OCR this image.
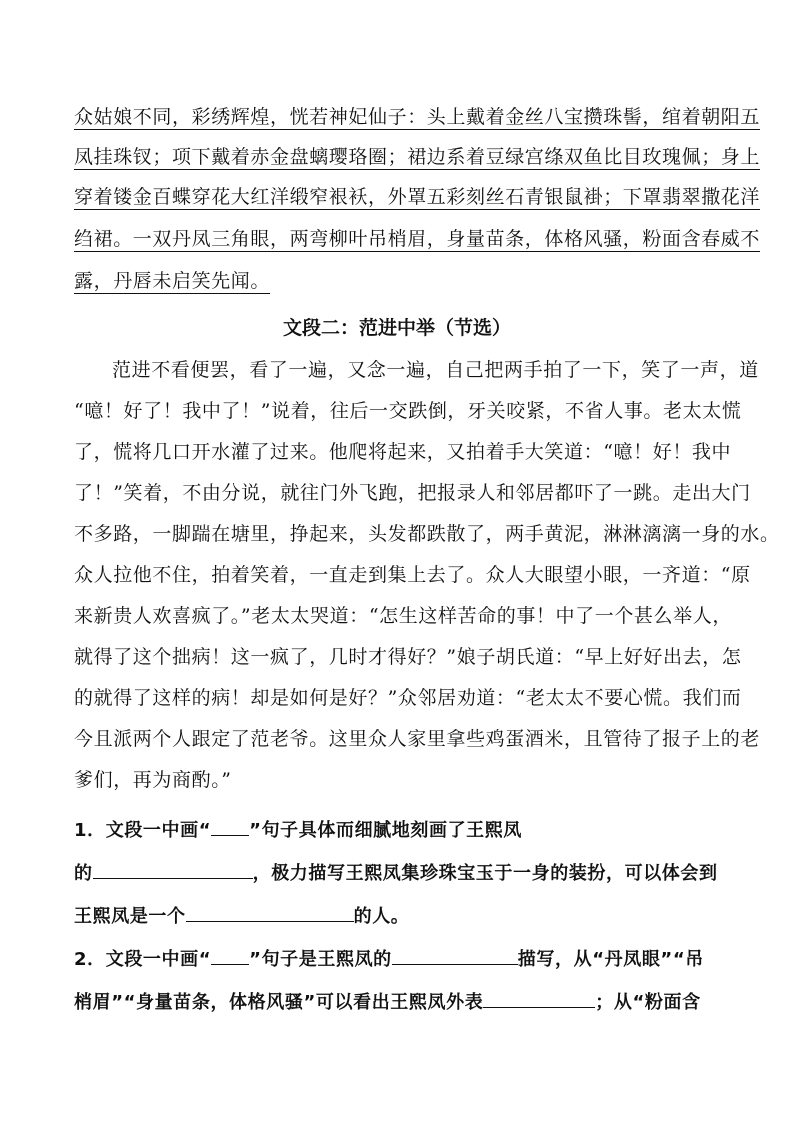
众姑娘不同，彩绣辉煌，恍若神妃仙子：头上戴着金丝八宝攒珠髻，绾着朝阳五
凤挂珠钗；项下戴着赤金盘螭璎珞圈；裙边系着豆绿宫绦双鱼比目玫瑰佩；身上
穿着镂金百蝶穿花大红洋缎窄裉袄，外罩五彩刻丝石青银鼠褂；下罩翡翠撒花洋
绉裙。一双丹凤三角眼，两弯柳叶吊梢眉，身量苗条，体格风骚，粉面含春威不
露，丹唇未启笑先闻。
文段二：范进中举（节选）
范进不看便罢，看了一遍，又念一遍，自己把两手拍了一下，笑了一声，道
“噫！好了！我中了！”说着，往后一交跌倒，牙关咬紧，不省人事。老太太慌
了，慌将几口开水灌了过来。他爬将起来，又拍着手大笑道：“噫！好！我中
了！”笑着，不由分说，就往门外飞跑，把报录人和邻居都吓了一跳。走出大门
不多路，一脚踹在塘里，挣起来，头发都跌散了，两手黄泥，淋淋漓漓一身的水。
众人拉他不住，拍着笑着，一直走到集上去了。众人大眼望小眼，一齐道：“原
来新贵人欢喜疯了。”老太太哭道：“怎生这样苦命的事！中了一个甚么举人，
就得了这个拙病！这一疯了，几时才得好？”娘子胡氏道：“早上好好出去，怎
的就得了这样的病！却是如何是好？”众邻居劝道：“老太太不要心慌。我们而
今且派两个人跟定了范老爷。这里众人家里拿些鸡蛋酒米，且管待了报子上的老
爹们，再为商酌。”
1．文段一中画“ ”句子具体而细腻地刻画了王熙凤
的	，极力描写王熙凤集珍珠宝玉于一身的装扮，可以体会到
王熙凤是一个	的人。
2．文段一中画“ ”句子是王熙凤的	描写，从“丹凤眼”“吊
梢眉”“身量苗条，体格风骚”可以看出王熙凤外表	；从“粉面含
